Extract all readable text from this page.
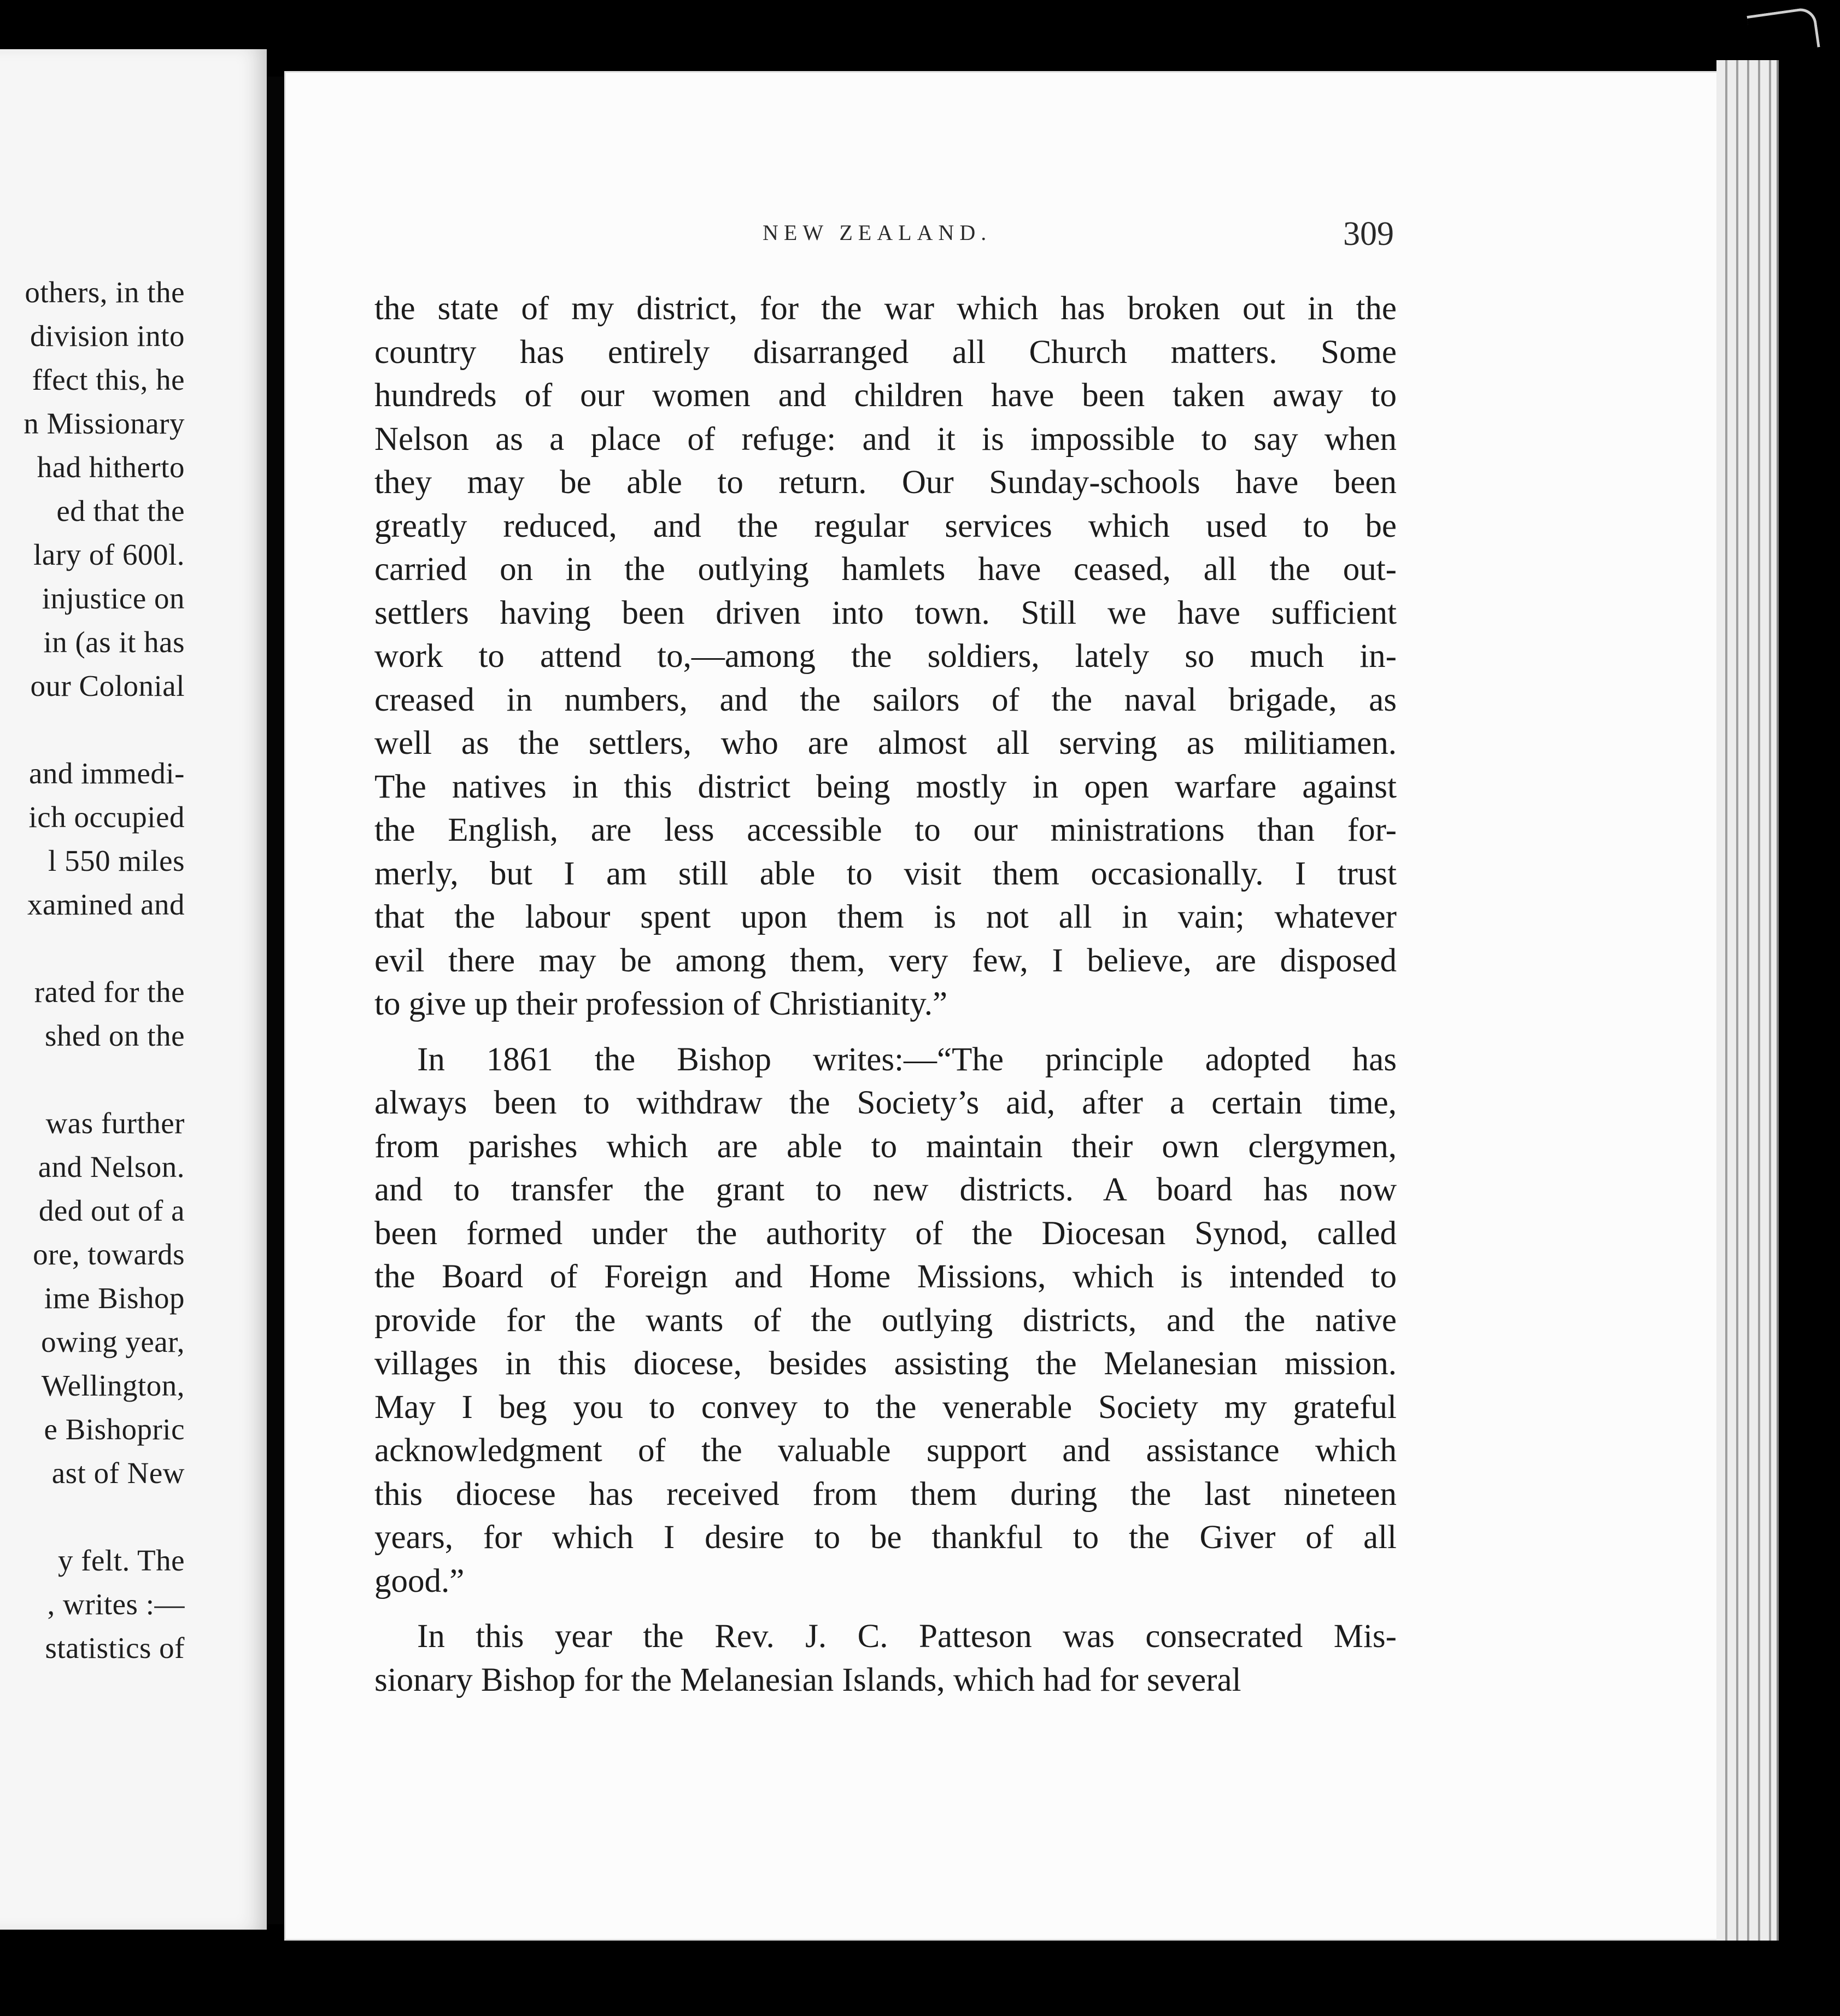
others, in the
division into
ffect this, he
n Missionary
had hitherto
ed that the
lary of 600l.
injustice on
in (as it has
our Colonial
and immedi-
ich occupied
l 550 miles
xamined and
rated for the
shed on the
was further
and Nelson.
ded out of a
ore, towards
ime Bishop
owing year,
Wellington,
e Bishopric
ast of New
y felt. The
, writes :—
statistics of
NEW ZEALAND.	309
the state of my district, for the war which has broken out in the
country has entirely disarranged all Church matters. Some
hundreds of our women and children have been taken away to
Nelson as a place of refuge: and it is impossible to say when
they may be able to return. Our Sunday-schools have been
greatly reduced, and the regular services which used to be
carried on in the outlying hamlets have ceased, all the out-
settlers having been driven into town. Still we have sufficient
work to attend to,—among the soldiers, lately so much in-
creased in numbers, and the sailors of the naval brigade, as
well as the settlers, who are almost all serving as militiamen.
The natives in this district being mostly in open warfare against
the English, are less accessible to our ministrations than for-
merly, but I am still able to visit them occasionally. I trust
that the labour spent upon them is not all in vain; whatever
evil there may be among them, very few, I believe, are disposed
to give up their profession of Christianity.”
In 1861 the Bishop writes:—“The principle adopted has
always been to withdraw the Society’s aid, after a certain time,
from parishes which are able to maintain their own clergymen,
and to transfer the grant to new districts. A board has now
been formed under the authority of the Diocesan Synod, called
the Board of Foreign and Home Missions, which is intended to
provide for the wants of the outlying districts, and the native
villages in this diocese, besides assisting the Melanesian mission.
May I beg you to convey to the venerable Society my grateful
acknowledgment of the valuable support and assistance which
this diocese has received from them during the last nineteen
years, for which I desire to be thankful to the Giver of all
good.”
In this year the Rev. J. C. Patteson was consecrated Mis-
sionary Bishop for the Melanesian Islands, which had for several
